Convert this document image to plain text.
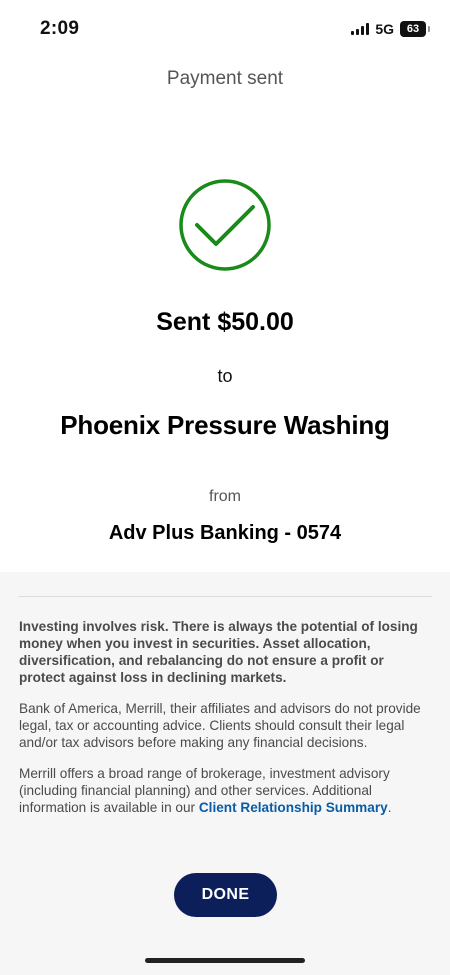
2:09	5G	63
Payment sent
Sent $50.00
to
Phoenix Pressure Washing
from
Adv Plus Banking - 0574

Investing involves risk. There is always the potential of losing money when you invest in securities. Asset allocation, diversification, and rebalancing do not ensure a profit or protect against loss in declining markets.

Bank of America, Merrill, their affiliates and advisors do not provide legal, tax or accounting advice. Clients should consult their legal and/or tax advisors before making any financial decisions.

Merrill offers a broad range of brokerage, investment advisory (including financial planning) and other services. Additional information is available in our Client Relationship Summary.

DONE
